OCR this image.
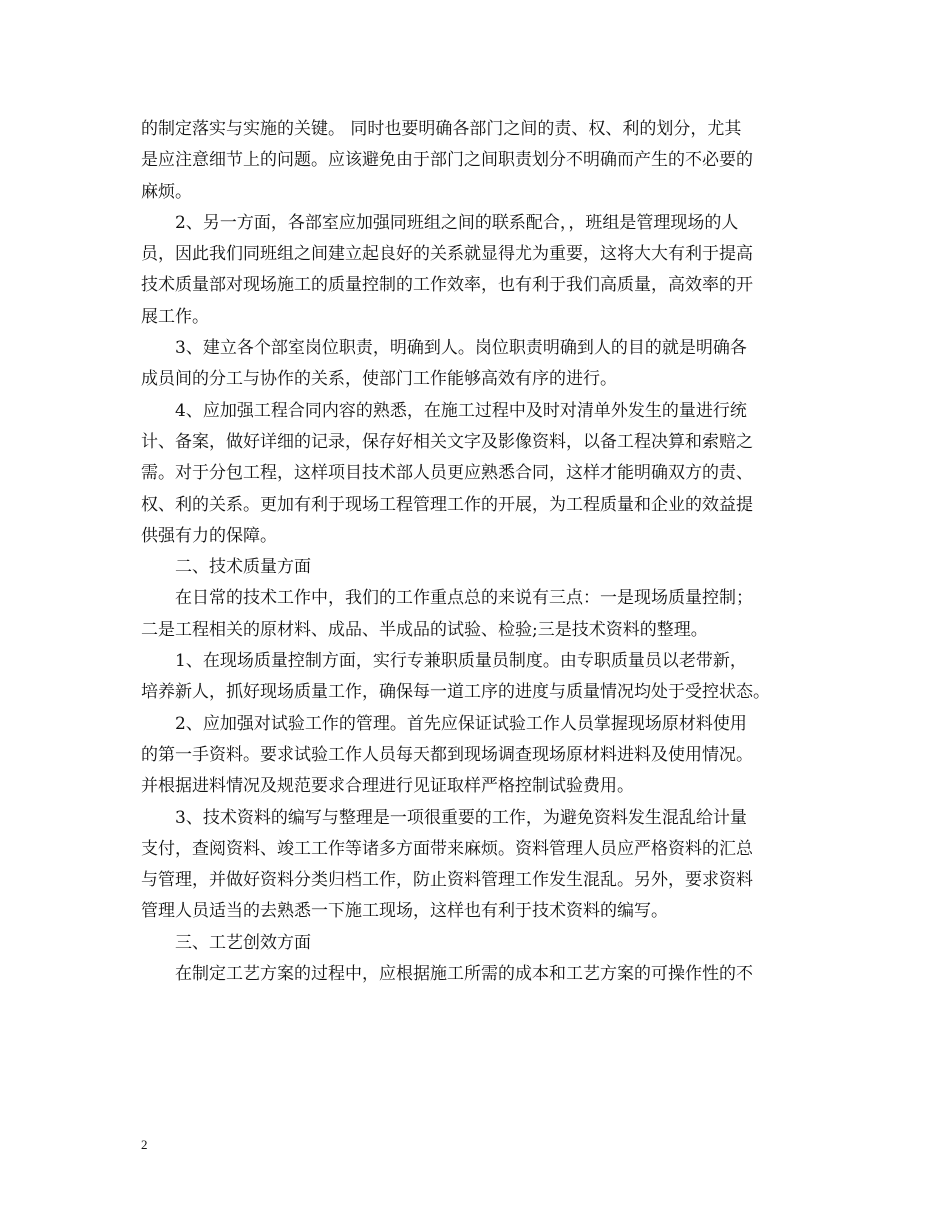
的制定落实与实施的关键。 同时也要明确各部门之间的责、权、利的划分，尤其
是应注意细节上的问题。应该避免由于部门之间职责划分不明确而产生的不必要的
麻烦。
2、另一方面，各部室应加强同班组之间的联系配合，，班组是管理现场的人
员，因此我们同班组之间建立起良好的关系就显得尤为重要，这将大大有利于提高
技术质量部对现场施工的质量控制的工作效率，也有利于我们高质量，高效率的开
展工作。
3、建立各个部室岗位职责，明确到人。岗位职责明确到人的目的就是明确各
成员间的分工与协作的关系，使部门工作能够高效有序的进行。
4、应加强工程合同内容的熟悉，在施工过程中及时对清单外发生的量进行统
计、备案，做好详细的记录，保存好相关文字及影像资料，以备工程决算和索赔之
需。对于分包工程，这样项目技术部人员更应熟悉合同，这样才能明确双方的责、
权、利的关系。更加有利于现场工程管理工作的开展，为工程质量和企业的效益提
供强有力的保障。
二、技术质量方面
在日常的技术工作中，我们的工作重点总的来说有三点：一是现场质量控制；
二是工程相关的原材料、成品、半成品的试验、检验;三是技术资料的整理。
1、在现场质量控制方面，实行专兼职质量员制度。由专职质量员以老带新，
培养新人，抓好现场质量工作，确保每一道工序的进度与质量情况均处于受控状态。
2、应加强对试验工作的管理。首先应保证试验工作人员掌握现场原材料使用
的第一手资料。要求试验工作人员每天都到现场调查现场原材料进料及使用情况。
并根据进料情况及规范要求合理进行见证取样严格控制试验费用。
3、技术资料的编写与整理是一项很重要的工作，为避免资料发生混乱给计量
支付，查阅资料、竣工工作等诸多方面带来麻烦。资料管理人员应严格资料的汇总
与管理，并做好资料分类归档工作，防止资料管理工作发生混乱。另外，要求资料
管理人员适当的去熟悉一下施工现场，这样也有利于技术资料的编写。
三、工艺创效方面
在制定工艺方案的过程中，应根据施工所需的成本和工艺方案的可操作性的不
2
